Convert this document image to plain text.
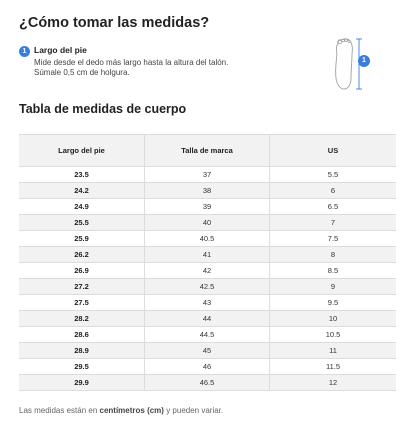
¿Cómo tomar las medidas?
1 Largo del pie
Mide desde el dedo más largo hasta la altura del talón. Súmale 0,5 cm de holgura.
1
Tabla de medidas de cuerpo
Largo del pie	Talla de marca	US
23.5	37	5.5
24.2	38	6
24.9	39	6.5
25.5	40	7
25.9	40.5	7.5
26.2	41	8
26.9	42	8.5
27.2	42.5	9
27.5	43	9.5
28.2	44	10
28.6	44.5	10.5
28.9	45	11
29.5	46	11.5
29.9	46.5	12
Las medidas están en centímetros (cm) y pueden variar.
